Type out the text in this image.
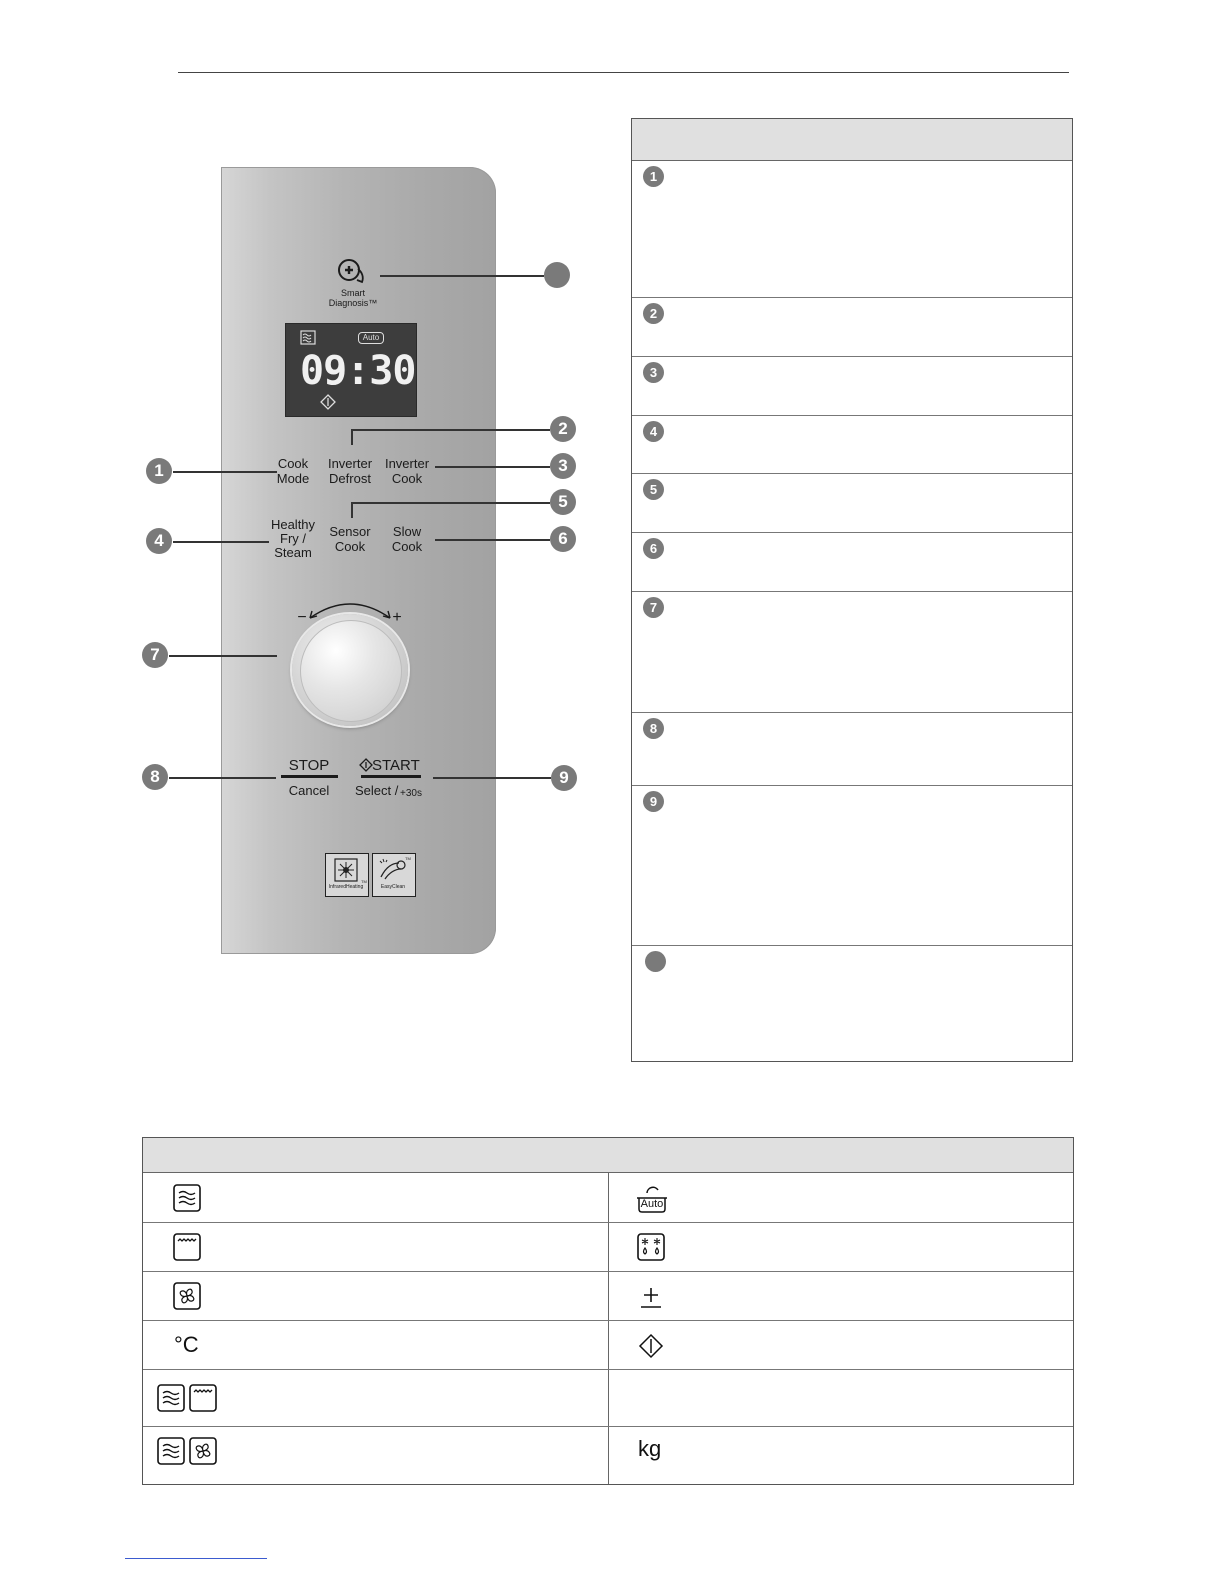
Smart
Diagnosis™
Auto
09:30
Cook
Mode
Inverter
Defrost
Inverter
Cook
Healthy
Fry /
Steam
Sensor
Cook
Slow
Cook
−	+
STOP
Cancel
START
Select / +30s
InfraredHeating
TM
EasyClean
TM
2
1	3
5
4	6
7
8	9
1
2
3
4
5
6
7
8
9
°C
Auto
kg
